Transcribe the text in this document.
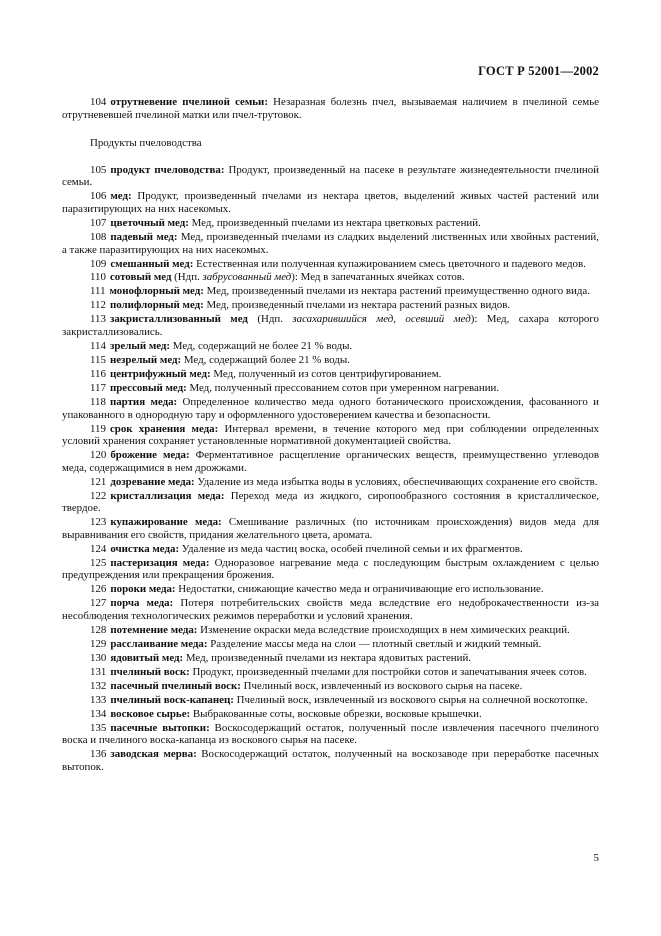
ГОСТ Р 52001—2002

104 отрутневение пчелиной семьи: Незаразная болезнь пчел, вызываемая наличием в пчелиной семье отрутневевшей пчелиной матки или пчел-трутовок.

Продукты пчеловодства

105 продукт пчеловодства: Продукт, произведенный на пасеке в результате жизнедеятельности пчелиной семьи.

106 мед: Продукт, произведенный пчелами из нектара цветов, выделений живых частей растений или паразитирующих на них насекомых.

107 цветочный мед: Мед, произведенный пчелами из нектара цветковых растений.

108 падевый мед: Мед, произведенный пчелами из сладких выделений лиственных или хвойных растений, а также паразитирующих на них насекомых.

109 смешанный мед: Естественная или полученная купажированием смесь цветочного и падевого медов.

110 сотовый мед (Ндп. забрусованный мед): Мед в запечатанных ячейках сотов.

111 монофлорный мед: Мед, произведенный пчелами из нектара растений преимущественно одного вида.

112 полифлорный мед: Мед, произведенный пчелами из нектара растений разных видов.

113 закристаллизованный мед (Ндп. засахарившийся мед, осевший мед): Мед, сахара которого закристаллизовались.

114 зрелый мед: Мед, содержащий не более 21 % воды.

115 незрелый мед: Мед, содержащий более 21 % воды.

116 центрифужный мед: Мед, полученный из сотов центрифугированием.

117 прессовый мед: Мед, полученный прессованием сотов при умеренном нагревании.

118 партия меда: Определенное количество меда одного ботанического происхождения, фасованного и упакованного в однородную тару и оформленного удостоверением качества и безопасности.

119 срок хранения меда: Интервал времени, в течение которого мед при соблюдении определенных условий хранения сохраняет установленные нормативной документацией свойства.

120 брожение меда: Ферментативное расщепление органических веществ, преимущественно углеводов меда, содержащимися в нем дрожжами.

121 дозревание меда: Удаление из меда избытка воды в условиях, обеспечивающих сохранение его свойств.

122 кристаллизация меда: Переход меда из жидкого, сиропообразного состояния в кристаллическое, твердое.

123 купажирование меда: Смешивание различных (по источникам происхождения) видов меда для выравнивания его свойств, придания желательного цвета, аромата.

124 очистка меда: Удаление из меда частиц воска, особей пчелиной семьи и их фрагментов.

125 пастеризация меда: Одноразовое нагревание меда с последующим быстрым охлаждением с целью предупреждения или прекращения брожения.

126 пороки меда: Недостатки, снижающие качество меда и ограничивающие его использование.

127 порча меда: Потеря потребительских свойств меда вследствие его недоброкачественности из-за несоблюдения технологических режимов переработки и условий хранения.

128 потемнение меда: Изменение окраски меда вследствие происходящих в нем химических реакций.

129 расслаивание меда: Разделение массы меда на слои — плотный светлый и жидкий темный.

130 ядовитый мед: Мед, произведенный пчелами из нектара ядовитых растений.

131 пчелиный воск: Продукт, произведенный пчелами для постройки сотов и запечатывания ячеек сотов.

132 пасечный пчелиный воск: Пчелиный воск, извлеченный из воскового сырья на пасеке.

133 пчелиный воск-капанец: Пчелиный воск, извлеченный из воскового сырья на солнечной воскотопке.

134 восковое сырье: Выбракованные соты, восковые обрезки, восковые крышечки.

135 пасечные вытопки: Воскосодержащий остаток, полученный после извлечения пасечного пчелиного воска и пчелиного воска-капанца из воскового сырья на пасеке.

136 заводская мерва: Воскосодержащий остаток, полученный на воскозаводе при переработке пасечных вытопок.

5
